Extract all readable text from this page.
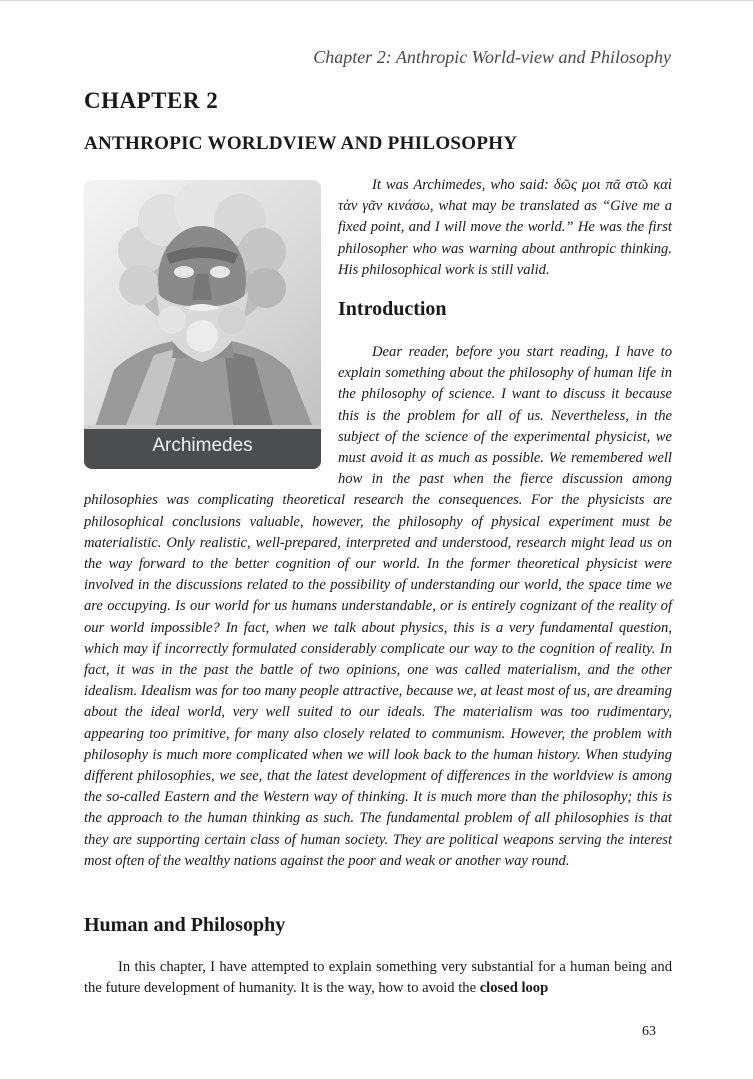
Chapter 2: Anthropic World-view and Philosophy
CHAPTER 2
ANTHROPIC WORLDVIEW AND PHILOSOPHY
Archimedes

It was Archimedes, who said: δῶς μοι πᾶ στῶ καὶ τὰν γᾶν κινάσω, what may be translated as “Give me a fixed point, and I will move the world.” He was the first philosopher who was warning about anthropic thinking. His philosophical work is still valid.

Introduction

Dear reader, before you start reading, I have to explain something about the philosophy of human life in the philosophy of science. I want to discuss it because this is the problem for all of us. Nevertheless, in the subject of the science of the experimental physicist, we must avoid it as much as possible. We remembered well how in the past when the fierce discussion among philosophies was complicating theoretical research the consequences. For the physicists are philosophical conclusions valuable, however, the philosophy of physical experiment must be materialistic. Only realistic, well-prepared, interpreted and understood, research might lead us on the way forward to the better cognition of our world. In the former theoretical physicist were involved in the discussions related to the possibility of understanding our world, the space time we are occupying. Is our world for us humans understandable, or is entirely cognizant of the reality of our world impossible? In fact, when we talk about physics, this is a very fundamental question, which may if incorrectly formulated considerably complicate our way to the cognition of reality. In fact, it was in the past the battle of two opinions, one was called materialism, and the other idealism. Idealism was for too many people attractive, because we, at least most of us, are dreaming about the ideal world, very well suited to our ideals. The materialism was too rudimentary, appearing too primitive, for many also closely related to communism. However, the problem with philosophy is much more complicated when we will look back to the human history. When studying different philosophies, we see, that the latest development of differences in the worldview is among the so-called Eastern and the Western way of thinking. It is much more than the philosophy; this is the approach to the human thinking as such. The fundamental problem of all philosophies is that they are supporting certain class of human society. They are political weapons serving the interest most often of the wealthy nations against the poor and weak or another way round.

Human and Philosophy

In this chapter, I have attempted to explain something very substantial for a human being and the future development of humanity. It is the way, how to avoid the closed loop

63
